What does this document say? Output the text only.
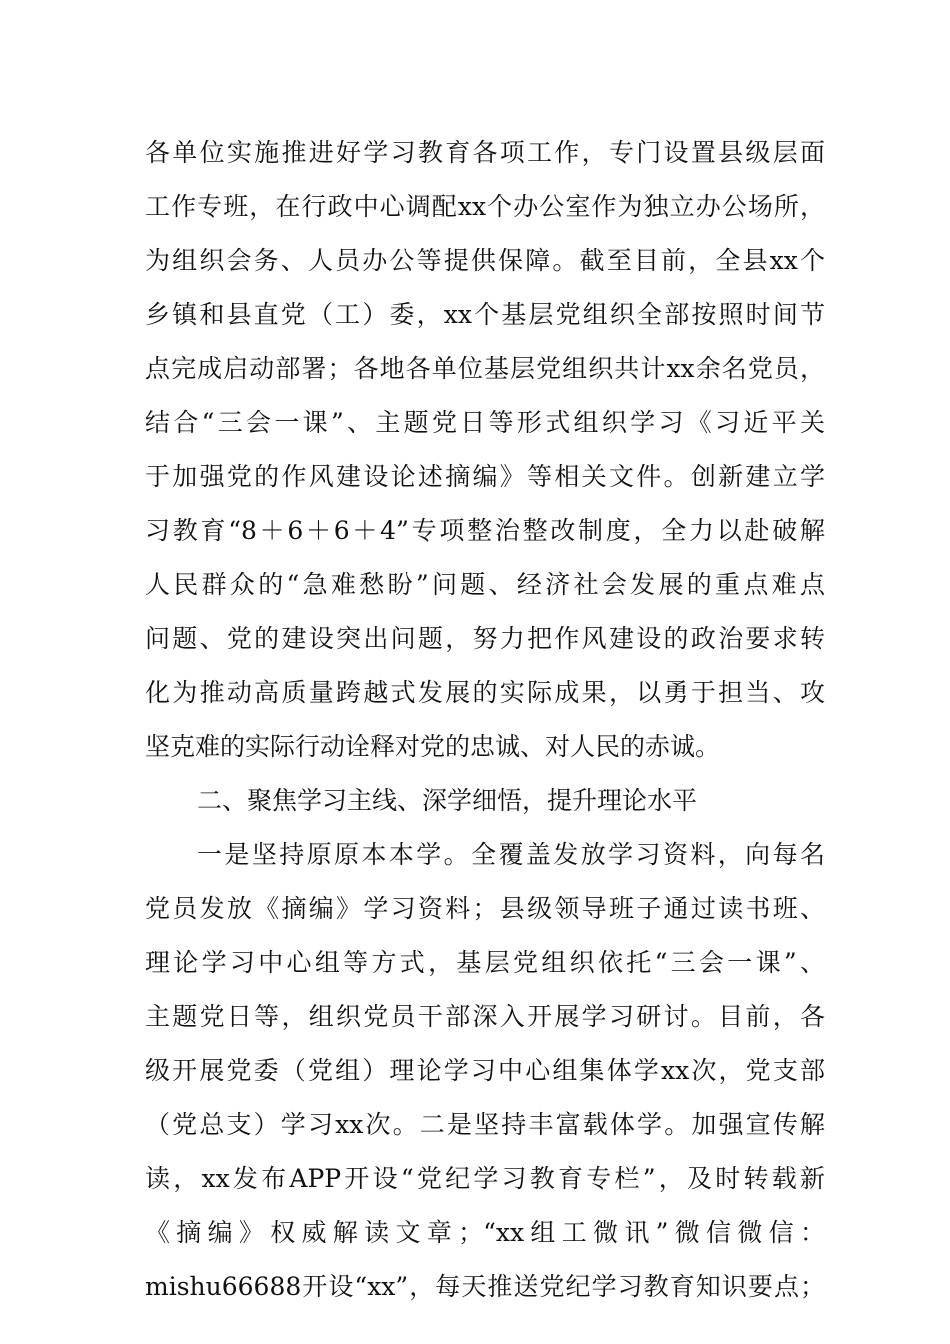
各单位实施推进好学习教育各项工作，专门设置县级层面
工作专班，在行政中心调配xx个办公室作为独立办公场所，
为组织会务、人员办公等提供保障。截至目前，全县xx个
乡镇和县直党（工）委，xx个基层党组织全部按照时间节
点完成启动部署；各地各单位基层党组织共计xx余名党员，
结合“三会一课”、主题党日等形式组织学习《习近平关
于加强党的作风建设论述摘编》等相关文件。创新建立学
习教育“8＋6＋6＋4”专项整治整改制度，全力以赴破解
人民群众的“急难愁盼”问题、经济社会发展的重点难点
问题、党的建设突出问题，努力把作风建设的政治要求转
化为推动高质量跨越式发展的实际成果，以勇于担当、攻
坚克难的实际行动诠释对党的忠诚、对人民的赤诚。
二、聚焦学习主线、深学细悟，提升理论水平
一是坚持原原本本学。全覆盖发放学习资料，向每名
党员发放《摘编》学习资料；县级领导班子通过读书班、
理论学习中心组等方式，基层党组织依托“三会一课”、
主题党日等，组织党员干部深入开展学习研讨。目前，各
级开展党委（党组）理论学习中心组集体学xx次，党支部
（党总支）学习xx次。二是坚持丰富载体学。加强宣传解
读，xx发布APP开设“党纪学习教育专栏”，及时转载新
《摘编》权威解读文章；“xx组工微讯”微信微信：
mishu66688开设“xx”，每天推送党纪学习教育知识要点；
